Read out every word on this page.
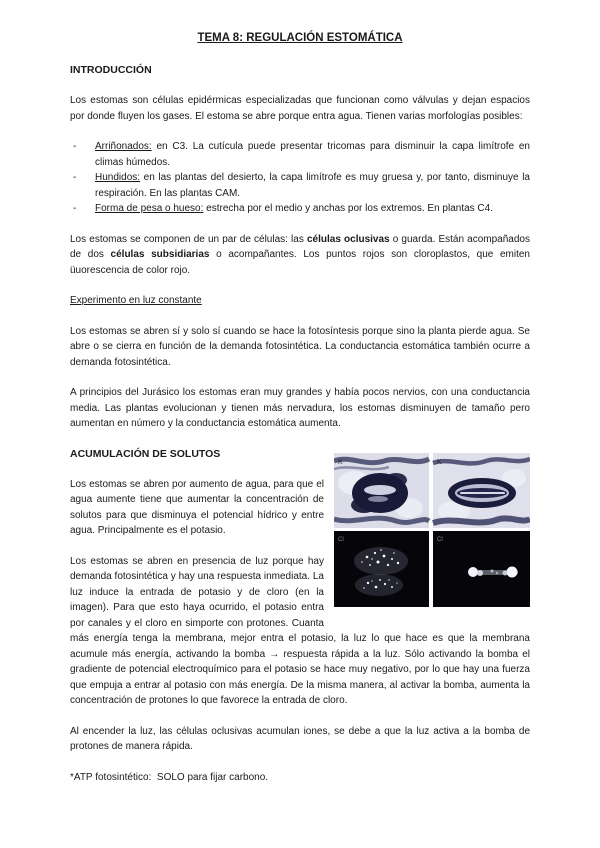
TEMA 8: REGULACIÓN ESTOMÁTICA
INTRODUCCIÓN

Los estomas son células epidérmicas especializadas que funcionan como válvulas y dejan espacios por donde fluyen los gases. El estoma se abre porque entra agua. Tienen varias morfologías posibles:

-	Arriñonados: en C3. La cutícula puede presentar tricomas para disminuir la capa limítrofe en climas húmedos.
-	Hundidos: en las plantas del desierto, la capa limítrofe es muy gruesa y, por tanto, disminuye la respiración. En las plantas CAM.
-	Forma de pesa o hueso: estrecha por el medio y anchas por los extremos. En plantas C4.

Los estomas se componen de un par de células: las células oclusivas o guarda. Están acompañados de dos células subsidiarias o acompañantes. Los puntos rojos son cloroplastos, que emiten üuorescencia de color rojo.

Experimento en luz constante

Los estomas se abren sí y solo sí cuando se hace la fotosíntesis porque sino la planta pierde agua. Se abre o se cierra en función de la demanda fotosintética. La conductancia estomática también ocurre a demanda fotosintética.

A principios del Jurásico los estomas eran muy grandes y había pocos nervios, con una conductancia media. Las plantas evolucionan y tienen más nervadura, los estomas disminuyen de tamaño pero aumentan en número y la conductancia estomática aumenta.

K	K
Cl	Cl
ACUMULACIÓN DE SOLUTOS

Los estomas se abren por aumento de agua, para que el agua aumente tiene que aumentar la concentración de solutos para que disminuya el potencial hídrico y entre agua. Principalmente es el potasio.

Los estomas se abren en presencia de luz porque hay demanda fotosintética y hay una respuesta inmediata. La luz induce la entrada de potasio y de cloro (en la imagen). Para que esto haya ocurrido, el potasio entra por canales y el cloro en simporte con protones. Cuanta más energía tenga la membrana, mejor entra el potasio, la luz lo que hace es que la membrana acumule más energía, activando la bomba → respuesta rápida a la luz. Sólo activando la bomba el gradiente de potencial electroquímico para el potasio se hace muy negativo, por lo que hay una fuerza que empuja a entrar al potasio con más energía. De la misma manera, al activar la bomba, aumenta la concentración de protones lo que favorece la entrada de cloro.

Al encender la luz, las células oclusivas acumulan iones, se debe a que la luz activa a la bomba de protones de manera rápida.

*ATP fotosintético:  SOLO para fijar carbono.
